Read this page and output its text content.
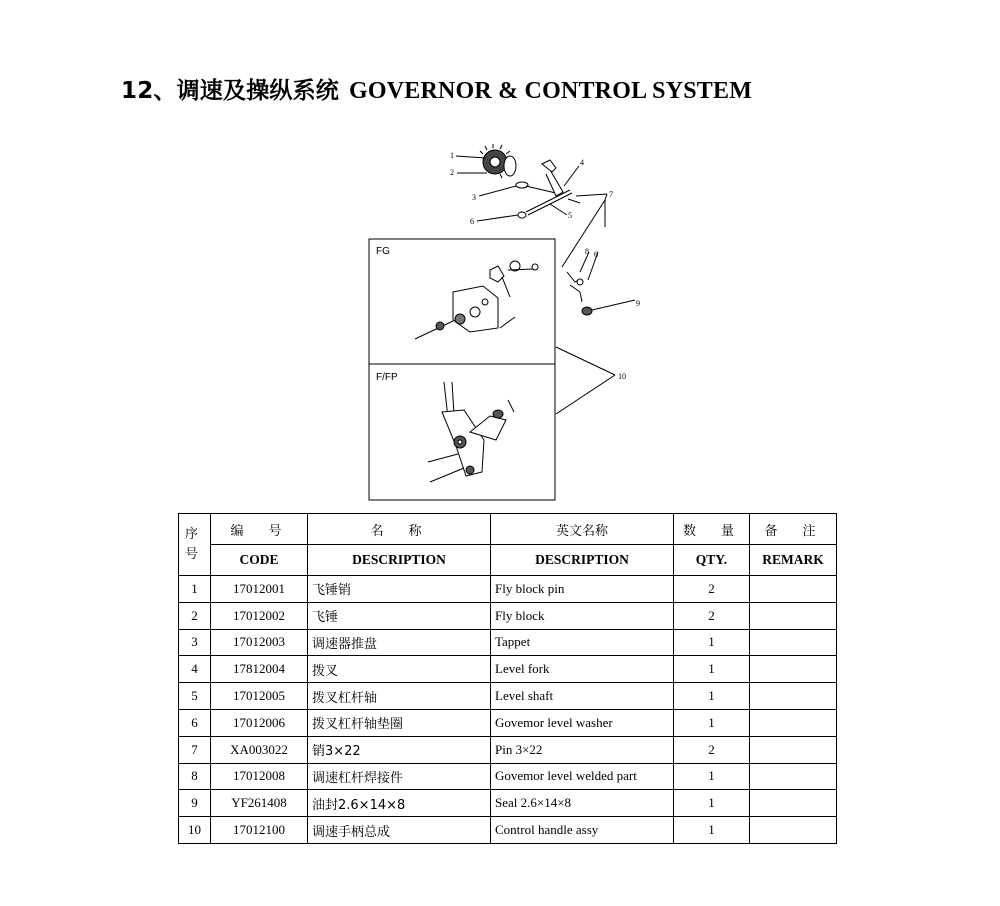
12、调速及操纵系统 GOVERNOR & CONTROL SYSTEM
1
2
3
4
5
6
7
8 6
9
10
FG
F/FP
序
号	编　号	名　称	英文名称	数　量	备　注
	CODE	DESCRIPTION	DESCRIPTION	QTY.	REMARK
1	17012001	飞锤销	Fly block pin	2	
2	17012002	飞锤	Fly block	2	
3	17012003	调速器推盘	Tappet	1	
4	17812004	拨叉	Level fork	1	
5	17012005	拨叉杠杆轴	Level shaft	1	
6	17012006	拨叉杠杆轴垫圈	Govemor level washer	1	
7	XA003022	销3×22	Pin 3×22	2	
8	17012008	调速杠杆焊接件	Govemor level welded part	1	
9	YF261408	油封2.6×14×8	Seal 2.6×14×8	1	
10	17012100	调速手柄总成	Control handle assy	1	
